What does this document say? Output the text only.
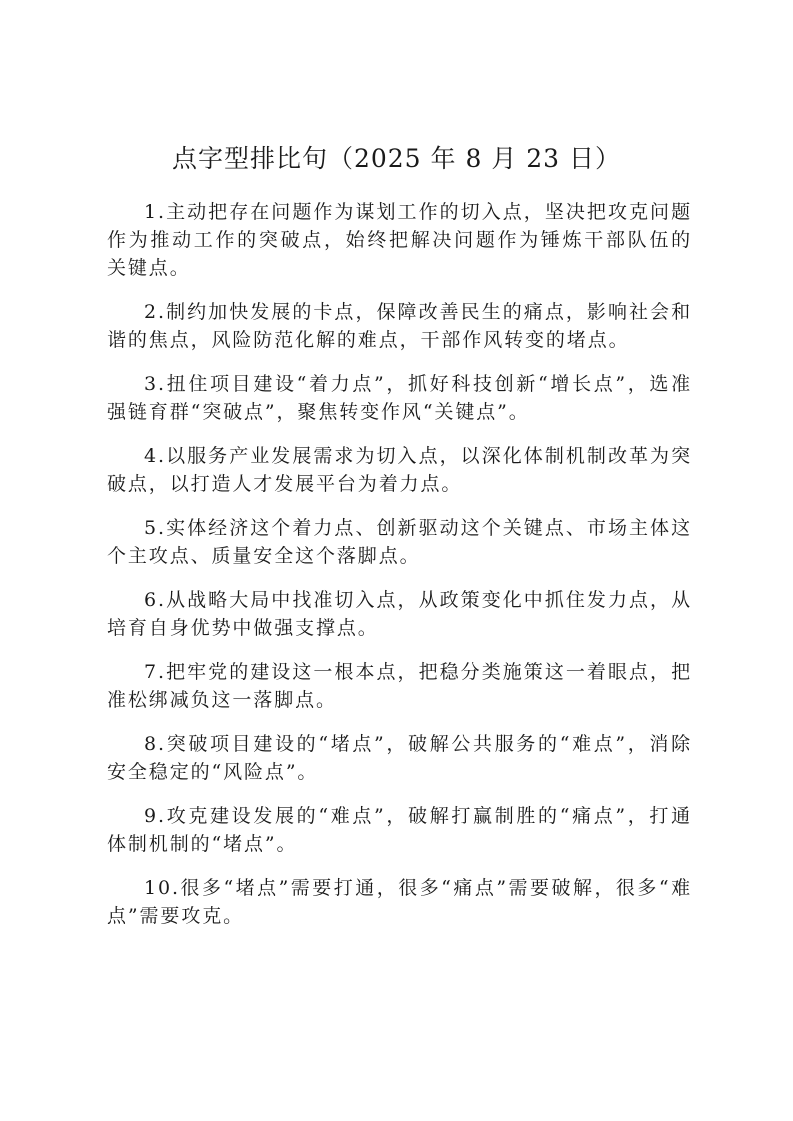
点字型排比句（2025 年 8 月 23 日）

1.主动把存在问题作为谋划工作的切入点，坚决把攻克问题作为推动工作的突破点，始终把解决问题作为锤炼干部队伍的关键点。

2.制约加快发展的卡点，保障改善民生的痛点，影响社会和谐的焦点，风险防范化解的难点，干部作风转变的堵点。

3.扭住项目建设“着力点”，抓好科技创新“增长点”，选准强链育群“突破点”，聚焦转变作风“关键点”。

4.以服务产业发展需求为切入点，以深化体制机制改革为突破点，以打造人才发展平台为着力点。

5.实体经济这个着力点、创新驱动这个关键点、市场主体这个主攻点、质量安全这个落脚点。

6.从战略大局中找准切入点，从政策变化中抓住发力点，从培育自身优势中做强支撑点。

7.把牢党的建设这一根本点，把稳分类施策这一着眼点，把准松绑减负这一落脚点。

8.突破项目建设的“堵点”，破解公共服务的“难点”，消除安全稳定的“风险点”。

9.攻克建设发展的“难点”，破解打赢制胜的“痛点”，打通体制机制的“堵点”。

10.很多“堵点”需要打通，很多“痛点”需要破解，很多“难点”需要攻克。
